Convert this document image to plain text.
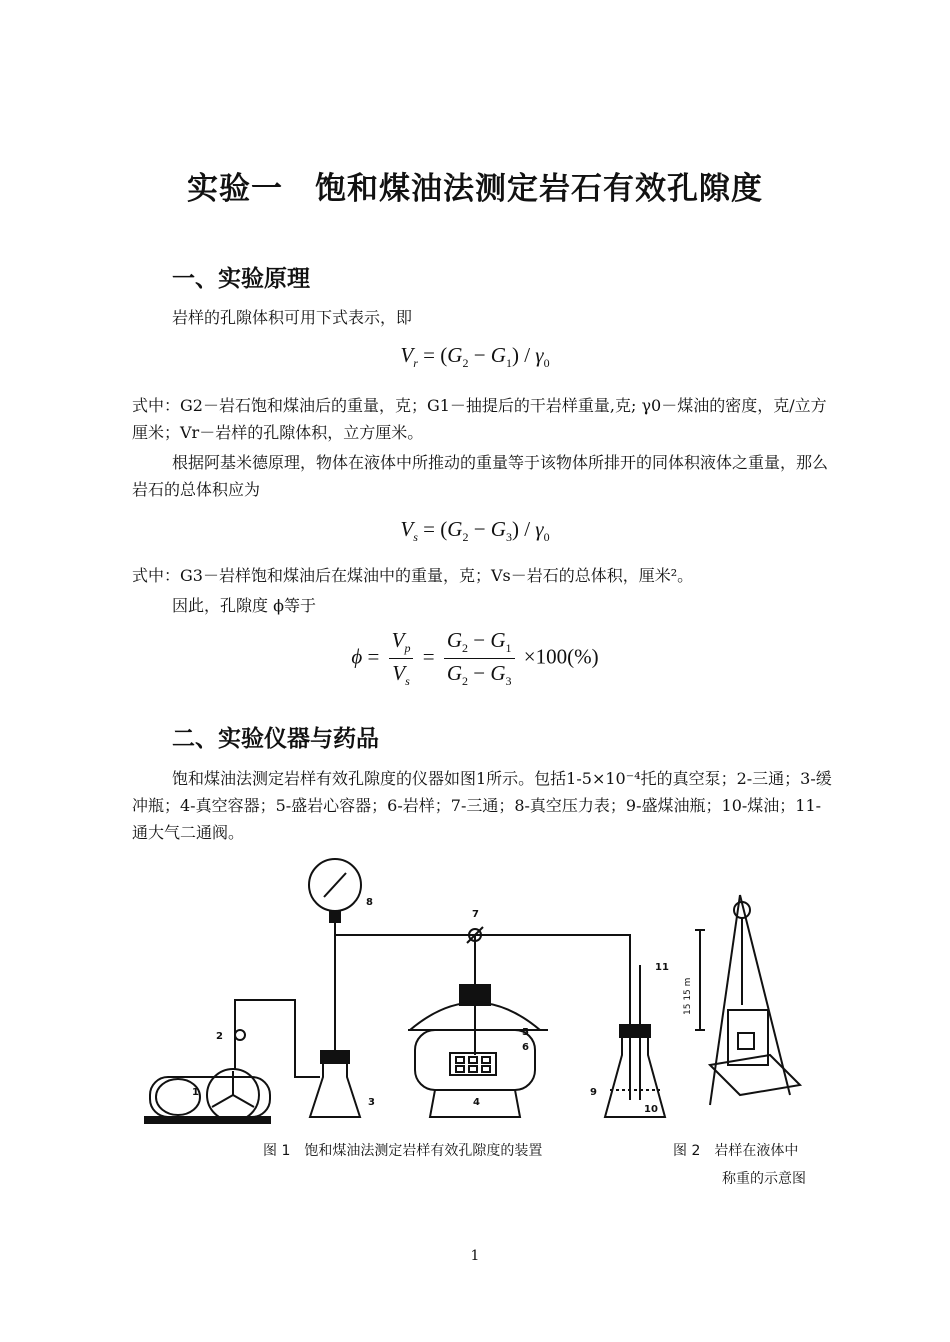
实验一　饱和煤油法测定岩石有效孔隙度
一、实验原理
岩样的孔隙体积可用下式表示，即
$V_r = (G_2 - G_1) / \gamma_0$
式中：G2－岩石饱和煤油后的重量，克；G1－抽提后的干岩样重量,克; γ0－煤油的密度，克/立方厘米；Vr－岩样的孔隙体积，立方厘米。
根据阿基米德原理，物体在液体中所推动的重量等于该物体所排开的同体积液体之重量，那么岩石的总体积应为
$V_s = (G_2 - G_3) / \gamma_0$
式中：G3－岩样饱和煤油后在煤油中的重量，克；Vs－岩石的总体积，厘米²。
因此，孔隙度 ϕ等于
$\phi = \frac{V_p}{V_s} = \frac{G_2 - G_1}{G_2 - G_3} \times 100(\%)$
二、实验仪器与药品
饱和煤油法测定岩样有效孔隙度的仪器如图1所示。包括1-5×10⁻⁴托的真空泵；2-三通；3-缓冲瓶；4-真空容器；5-盛岩心容器；6-岩样；7-三通；8-真空压力表；9-盛煤油瓶；10-煤油；11-通大气二通阀。
1
2
3	4
5
6
7
8
9
10
11
15 15 m
图 1　饱和煤油法测定岩样有效孔隙度的装置	图 2　岩样在液体中
称重的示意图
1
